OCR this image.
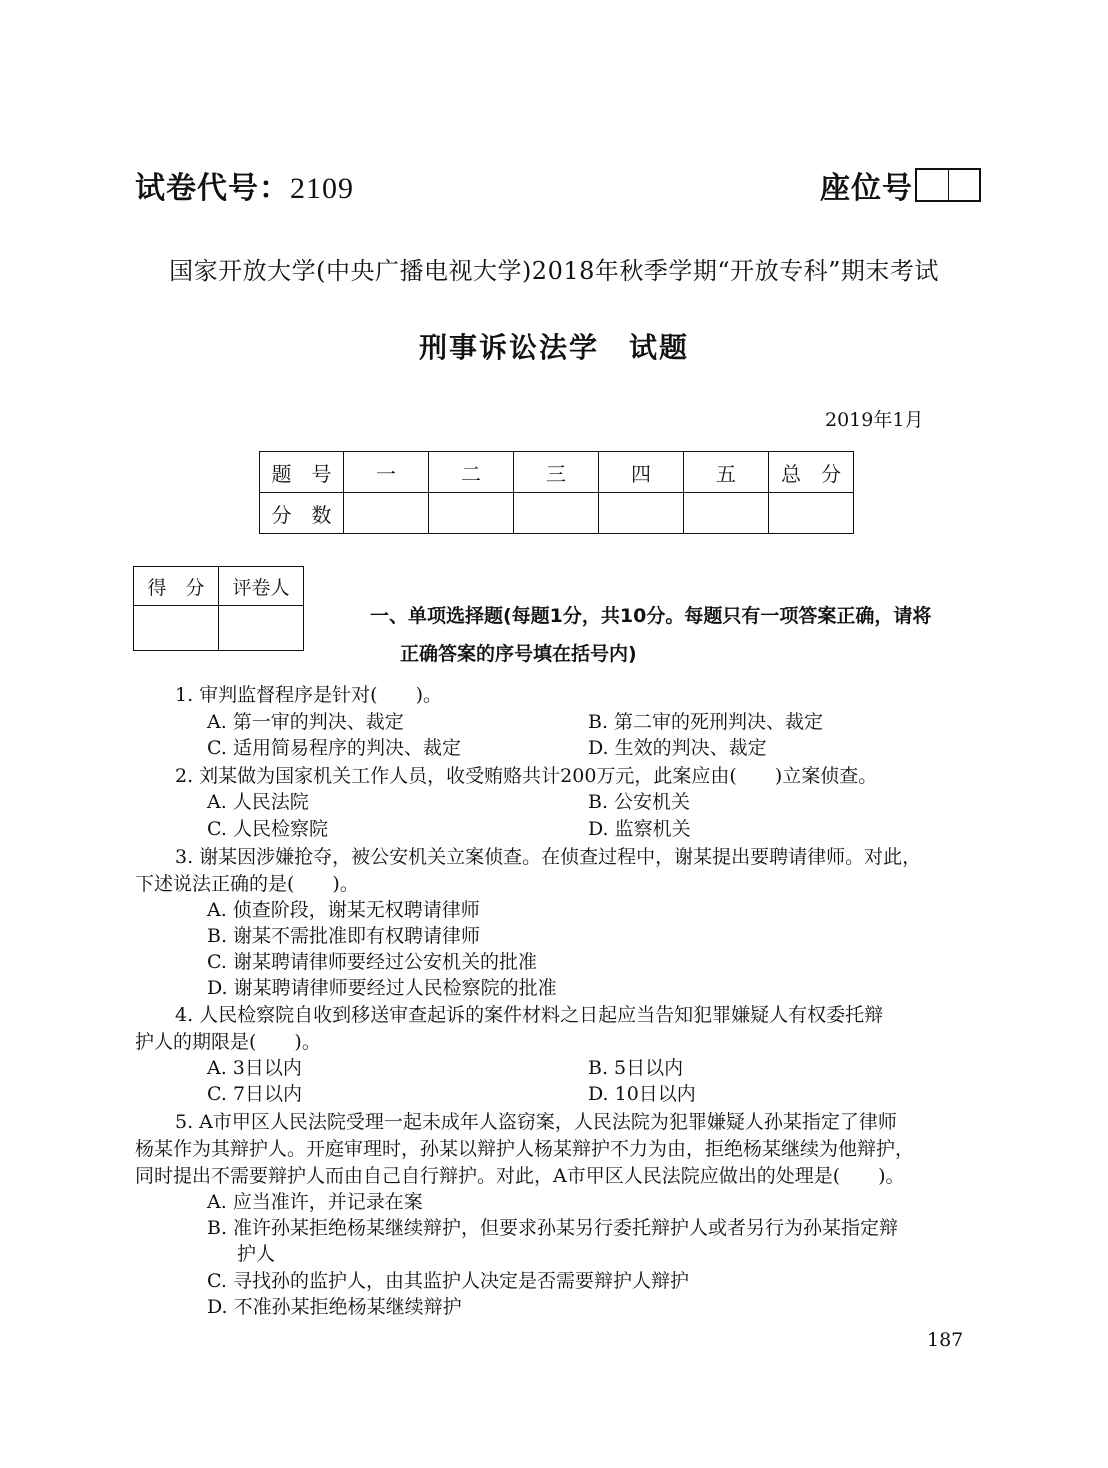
试卷代号：2109	座位号
国家开放大学(中央广播电视大学)2018年秋季学期“开放专科”期末考试
刑事诉讼法学　试题
2019年1月
题　号	一	二	三	四	五	总　分
分　数						
得　分	评卷人

一、单项选择题(每题1分，共10分。每题只有一项答案正确，请将
正确答案的序号填在括号内)
1. 审判监督程序是针对(　　)。
A. 第一审的判决、裁定	B. 第二审的死刑判决、裁定
C. 适用简易程序的判决、裁定	D. 生效的判决、裁定
2. 刘某做为国家机关工作人员，收受贿赂共计200万元，此案应由(　　)立案侦查。
A. 人民法院	B. 公安机关
C. 人民检察院	D. 监察机关
3. 谢某因涉嫌抢夺，被公安机关立案侦查。在侦查过程中，谢某提出要聘请律师。对此，
下述说法正确的是(　　)。
A. 侦查阶段，谢某无权聘请律师
B. 谢某不需批准即有权聘请律师
C. 谢某聘请律师要经过公安机关的批准
D. 谢某聘请律师要经过人民检察院的批准
4. 人民检察院自收到移送审查起诉的案件材料之日起应当告知犯罪嫌疑人有权委托辩
护人的期限是(　　)。
A. 3日以内	B. 5日以内
C. 7日以内	D. 10日以内
5. A市甲区人民法院受理一起未成年人盗窃案，人民法院为犯罪嫌疑人孙某指定了律师
杨某作为其辩护人。开庭审理时，孙某以辩护人杨某辩护不力为由，拒绝杨某继续为他辩护，
同时提出不需要辩护人而由自己自行辩护。对此，A市甲区人民法院应做出的处理是(　　)。
A. 应当准许，并记录在案
B. 准许孙某拒绝杨某继续辩护，但要求孙某另行委托辩护人或者另行为孙某指定辩
护人
C. 寻找孙的监护人，由其监护人决定是否需要辩护人辩护
D. 不准孙某拒绝杨某继续辩护
187
